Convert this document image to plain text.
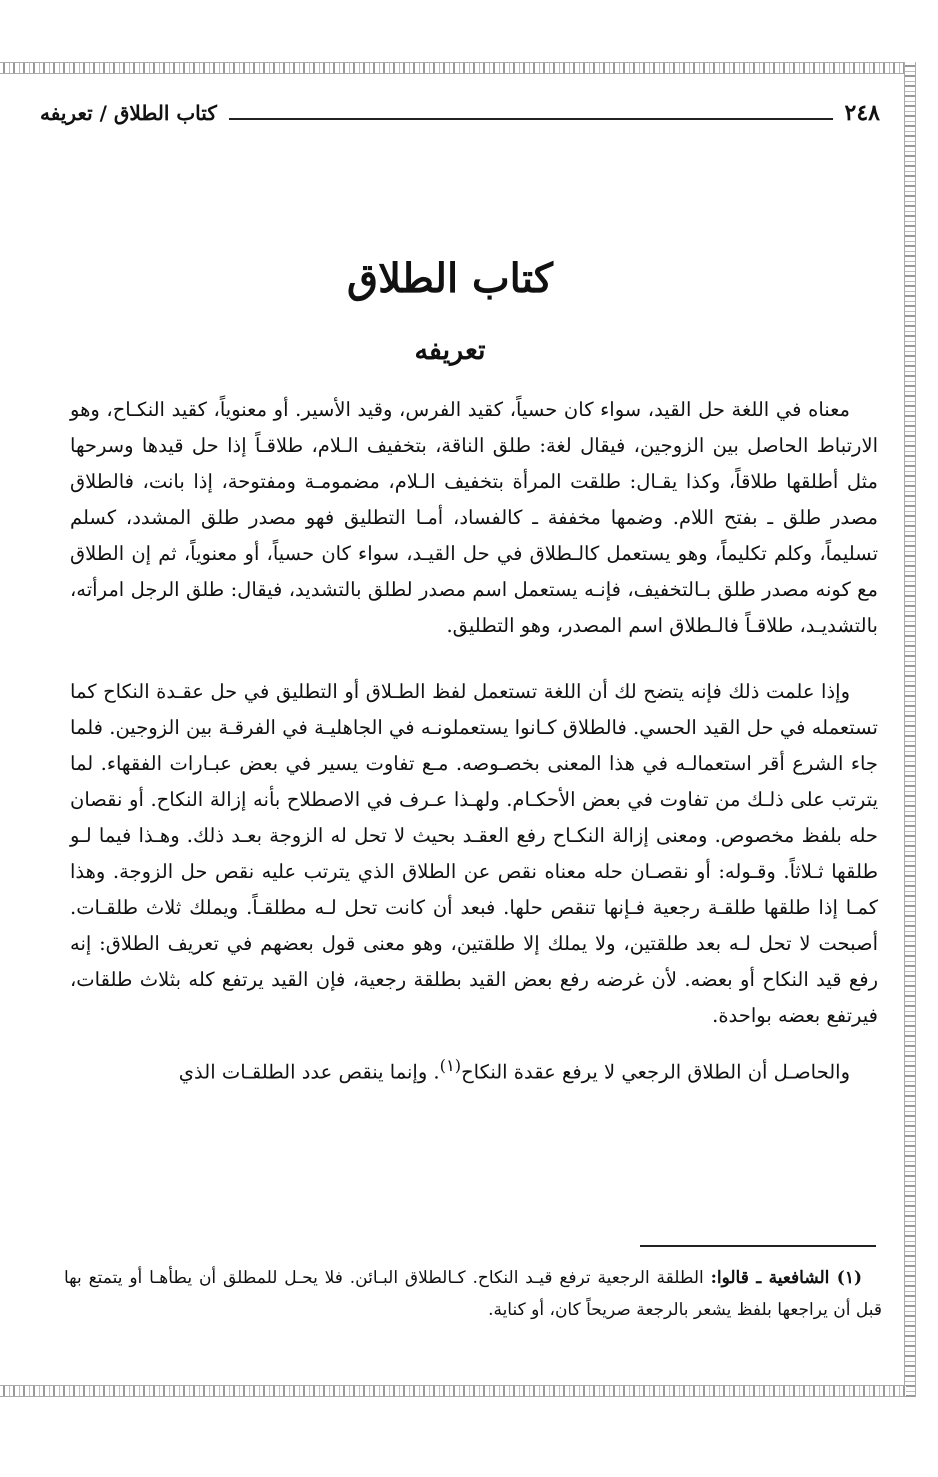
٢٤٨
كتاب الطلاق / تعريفه
كتاب الطلاق
تعريفه

معناه في اللغة حل القيد، سواء كان حسياً، كقيد الفرس، وقيد الأسير. أو معنوياً، كقيد النكـاح، وهو الارتباط الحاصل بين الزوجين، فيقال لغة: طلق الناقة، بتخفيف الـلام، طلاقـاً إذا حل قيدها وسرحها مثل أطلقها طلاقاً، وكذا يقـال: طلقت المرأة بتخفيف الـلام، مضمومـة ومفتوحة، إذا بانت، فالطلاق مصدر طلق ـ بفتح اللام. وضمها مخففة ـ كالفساد، أمـا التطليق فهو مصدر طلق المشدد، كسلم تسليماً، وكلم تكليماً، وهو يستعمل كالـطلاق في حل القيـد، سواء كان حسياً، أو معنوياً، ثم إن الطلاق مع كونه مصدر طلق بـالتخفيف، فإنـه يستعمل اسم مصدر لطلق بالتشديد، فيقال: طلق الرجل امرأته، بالتشديـد، طلاقـاً فالـطلاق اسم المصدر، وهو التطليق.

وإذا علمت ذلك فإنه يتضح لك أن اللغة تستعمل لفظ الطـلاق أو التطليق في حل عقـدة النكاح كما تستعمله في حل القيد الحسي. فالطلاق كـانوا يستعملونـه في الجاهليـة في الفرقـة بين الزوجين. فلما جاء الشرع أقر استعمالـه في هذا المعنى بخصـوصه. مـع تفاوت يسير في بعض عبـارات الفقهاء. لما يترتب على ذلـك من تفاوت في بعض الأحكـام. ولهـذا عـرف في الاصطلاح بأنه إزالة النكاح. أو نقصان حله بلفظ مخصوص. ومعنى إزالة النكـاح رفع العقـد بحيث لا تحل له الزوجة بعـد ذلك. وهـذا فيما لـو طلقها ثـلاثاً. وقـوله: أو نقصـان حله معناه نقص عن الطلاق الذي يترتب عليه نقص حل الزوجة. وهذا كمـا إذا طلقها طلقـة رجعية فـإنها تنقص حلها. فبعد أن كانت تحل لـه مطلقـاً. ويملك ثلاث طلقـات. أصبحت لا تحل لـه بعد طلقتين، ولا يملك إلا طلقتين، وهو معنى قول بعضهم في تعريف الطلاق: إنه رفع قيد النكاح أو بعضه. لأن غرضه رفع بعض القيد بطلقة رجعية، فإن القيد يرتفع كله بثلاث طلقات، فيرتفع بعضه بواحدة.

والحاصـل أن الطلاق الرجعي لا يرفع عقدة النكاح$^{(١)}$. وإنما ينقص عدد الطلقـات الذي

(١) الشافعية ـ قالوا: الطلقة الرجعية ترفع قيـد النكاح. كـالطلاق البـائن. فلا يحـل للمطلق أن يطأهـا أو يتمتع بها قبل أن يراجعها بلفظ يشعر بالرجعة صريحاً كان، أو كناية.
